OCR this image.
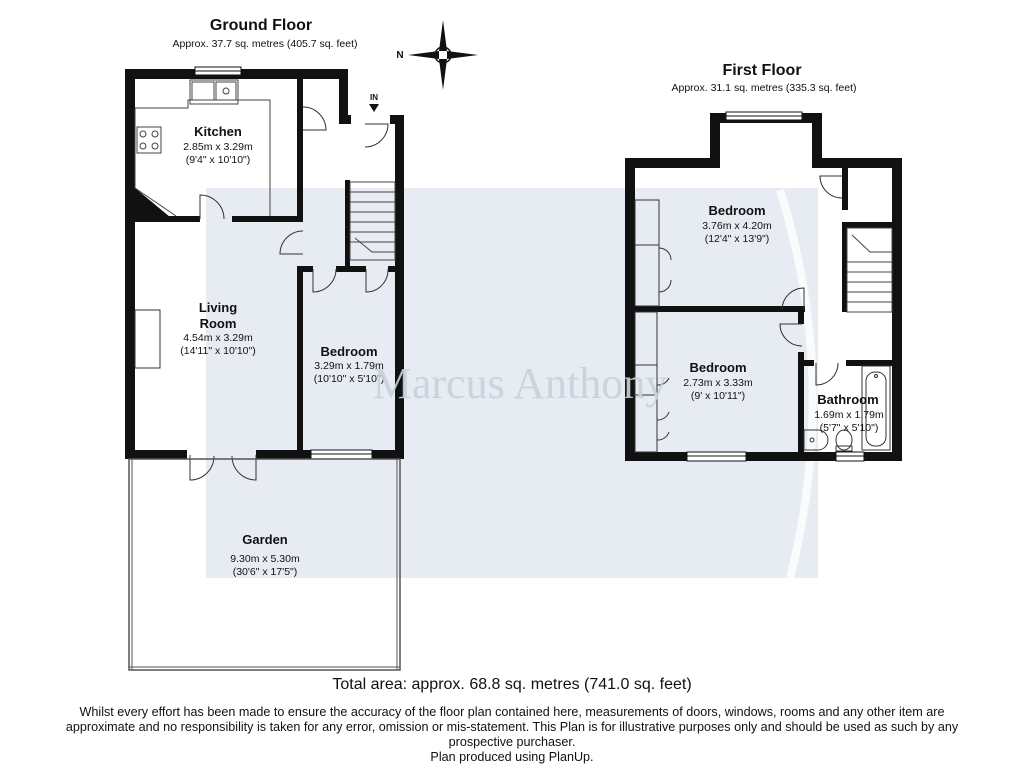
Ground Floor
Approx. 37.7 sq. metres (405.7 sq. feet)
N
IN
Kitchen
2.85m x 3.29m
(9'4" x 10'10")
Living
Room
4.54m x 3.29m
(14'11" x 10'10")	Bedroom
3.29m x 1.79m
(10'10" x 5'10")
Garden
9.30m x 5.30m
(30'6" x 17'5")
First Floor
Approx. 31.1 sq. metres (335.3 sq. feet)
Bedroom
3.76m x 4.20m
(12'4" x 13'9")
Bedroom
2.73m x 3.33m
(9' x 10'11")	Bathroom
1.69m x 1.79m
(5'7" x 5'10")
Marcus Anthony
Total area: approx. 68.8 sq. metres (741.0 sq. feet)
Whilst every effort has been made to ensure the accuracy of the floor plan contained here, measurements of doors, windows, rooms and any other item are
approximate and no responsibility is taken for any error, omission or mis-statement. This Plan is for illustrative purposes only and should be used as such by any
prospective purchaser.
Plan produced using PlanUp.
